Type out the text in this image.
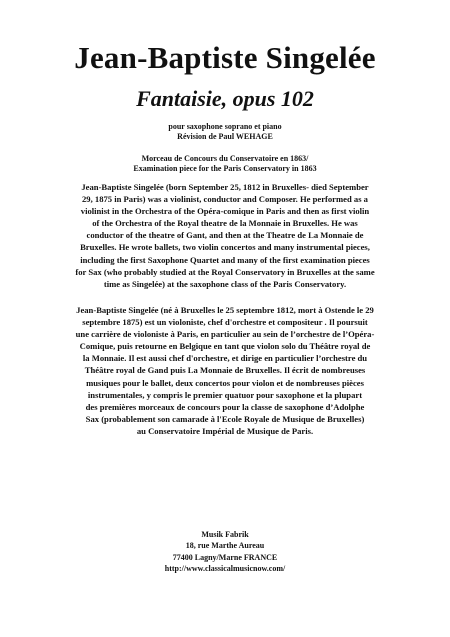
Jean-Baptiste Singelée
Fantaisie, opus 102
pour saxophone soprano et piano
Révision de Paul WEHAGE
Morceau de Concours du Conservatoire en 1863/
Examination piece for the Paris Conservatory in 1863
Jean-Baptiste Singelée (born September 25, 1812 in Bruxelles- died September
29, 1875 in Paris) was a violinist, conductor and Composer. He performed as a
violinist in the Orchestra of the Opéra-comique in Paris and then as first violin
of the Orchestra of the Royal theatre de la Monnaie in Bruxelles. He was
conductor of the theatre of Gant, and then at the Theatre de La Monnaie de
Bruxelles. He wrote ballets, two violin concertos and many instrumental pieces,
including the first Saxophone Quartet and many of the first examination pieces
for Sax (who probably studied at the Royal Conservatory in Bruxelles at the same
time as Singelée) at the saxophone class of the Paris Conservatory.
Jean-Baptiste Singelée (né à Bruxelles le 25 septembre 1812, mort à Ostende le 29
septembre 1875) est un violoniste, chef d'orchestre et compositeur . Il poursuit
une carrière de violoniste à Paris, en particulier au sein de l’orchestre de l’Opéra-
Comique, puis retourne en Belgique en tant que violon solo du Théâtre royal de
la Monnaie. Il est aussi chef d'orchestre, et dirige en particulier l’orchestre du
Théâtre royal de Gand puis La Monnaie de Bruxelles. Il écrit de nombreuses
musiques pour le ballet, deux concertos pour violon et de nombreuses pièces
instrumentales, y compris le premier quatuor pour saxophone et la plupart
des premières morceaux de concours pour la classe de saxophone d’Adolphe
Sax (probablement son camarade à l'Ecole Royale de Musique de Bruxelles)
au Conservatoire Impérial de Musique de Paris.
Musik Fabrik
18, rue Marthe Aureau
77400 Lagny/Marne FRANCE
http://www.classicalmusicnow.com/
